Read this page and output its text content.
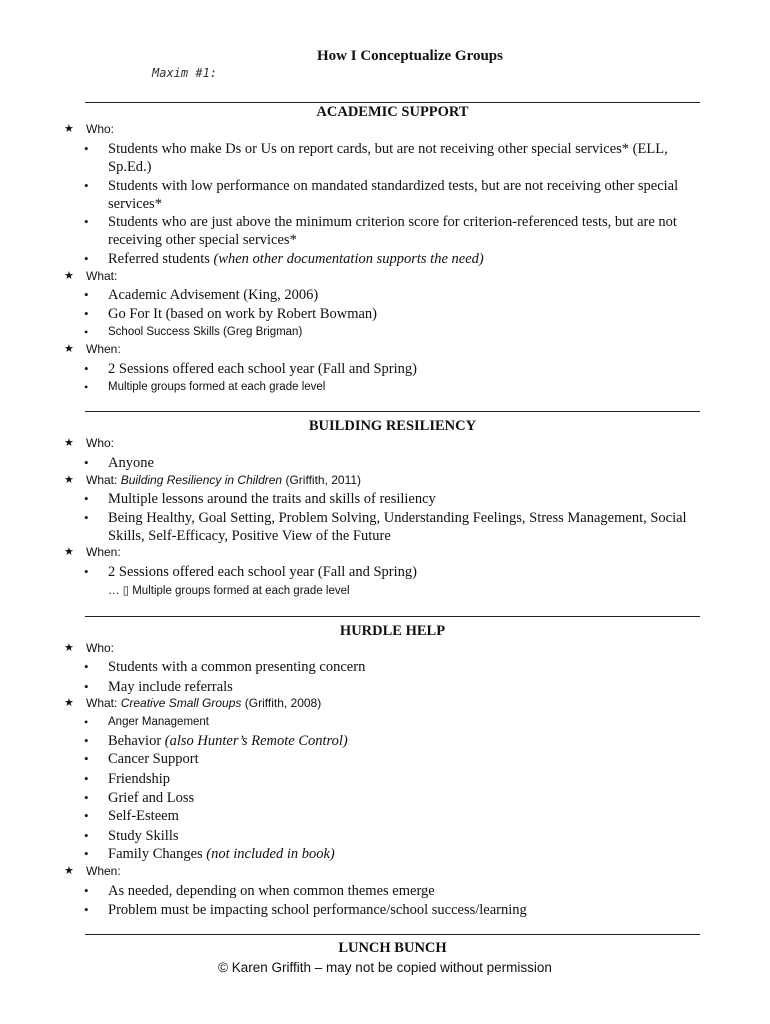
How I Conceptualize Groups
Maxim #1:
ACADEMIC SUPPORT
★ Who:
•	Students who make Ds or Us on report cards, but are not receiving other special services* (ELL, Sp.Ed.)
•	Students with low performance on mandated standardized tests, but are not receiving other special services*
•	Students who are just above the minimum criterion score for criterion-referenced tests, but are not receiving other special services*
•	Referred students (when other documentation supports the need)
★ What:
•	Academic Advisement (King, 2006)
•	Go For It (based on work by Robert Bowman)
•	School Success Skills (Greg Brigman)
★ When:
•	2 Sessions offered each school year (Fall and Spring)
•	Multiple groups formed at each grade level
BUILDING RESILIENCY
★ Who:
•	Anyone
★ What: Building Resiliency in Children (Griffith, 2011)
•	Multiple lessons around the traits and skills of resiliency
•	Being Healthy, Goal Setting, Problem Solving, Understanding Feelings, Stress Management, Social Skills, Self-Efficacy, Positive View of the Future
★ When:
•	2 Sessions offered each school year (Fall and Spring)
… ▯ Multiple groups formed at each grade level
HURDLE HELP
★ Who:
•	Students with a common presenting concern
•	May include referrals
★ What: Creative Small Groups (Griffith, 2008)
•	Anger Management
•	Behavior (also Hunter’s Remote Control)
•	Cancer Support
•	Friendship
•	Grief and Loss
•	Self-Esteem
•	Study Skills
•	Family Changes (not included in book)
★ When:
•	As needed, depending on when common themes emerge
•	Problem must be impacting school performance/school success/learning
LUNCH BUNCH
© Karen Griffith – may not be copied without permission
